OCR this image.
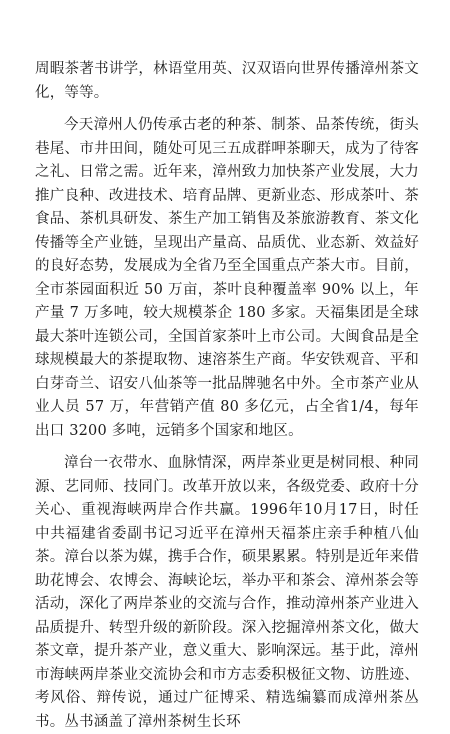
周暇茶著书讲学，林语堂用英、汉双语向世界传播漳州茶文化，等等。

今天漳州人仍传承古老的种茶、制茶、品茶传统，街头巷尾、市井田间，随处可见三五成群呷茶聊天，成为了待客之礼、日常之需。近年来，漳州致力加快茶产业发展，大力推广良种、改进技术、培育品牌、更新业态、形成茶叶、茶食品、茶机具研发、茶生产加工销售及茶旅游教育、茶文化传播等全产业链，呈现出产量高、品质优、业态新、效益好的良好态势，发展成为全省乃至全国重点产茶大市。目前，全市茶园面积近 50 万亩，茶叶良种覆盖率 90% 以上，年产量 7 万多吨，较大规模茶企 180 多家。天福集团是全球最大茶叶连锁公司，全国首家茶叶上市公司。大闽食品是全球规模最大的茶提取物、速溶茶生产商。华安铁观音、平和白芽奇兰、诏安八仙茶等一批品牌驰名中外。全市茶产业从业人员 57 万，年营销产值 80 多亿元，占全省1/4，每年出口 3200 多吨，远销多个国家和地区。

漳台一衣带水、血脉情深，两岸茶业更是树同根、种同源、艺同师、技同门。改革开放以来，各级党委、政府十分关心、重视海峡两岸合作共赢。1996年10月17日，时任中共福建省委副书记习近平在漳州天福茶庄亲手种植八仙茶。漳台以茶为媒，携手合作，硕果累累。特别是近年来借助花博会、农博会、海峡论坛，举办平和茶会、漳州茶会等活动，深化了两岸茶业的交流与合作，推动漳州茶产业进入品质提升、转型升级的新阶段。深入挖掘漳州茶文化，做大茶文章，提升茶产业，意义重大、影响深远。基于此，漳州市海峡两岸茶业交流协会和市方志委积极征文物、访胜迹、考风俗、辩传说，通过广征博采、精选编纂而成漳州茶丛书。丛书涵盖了漳州茶树生长环
